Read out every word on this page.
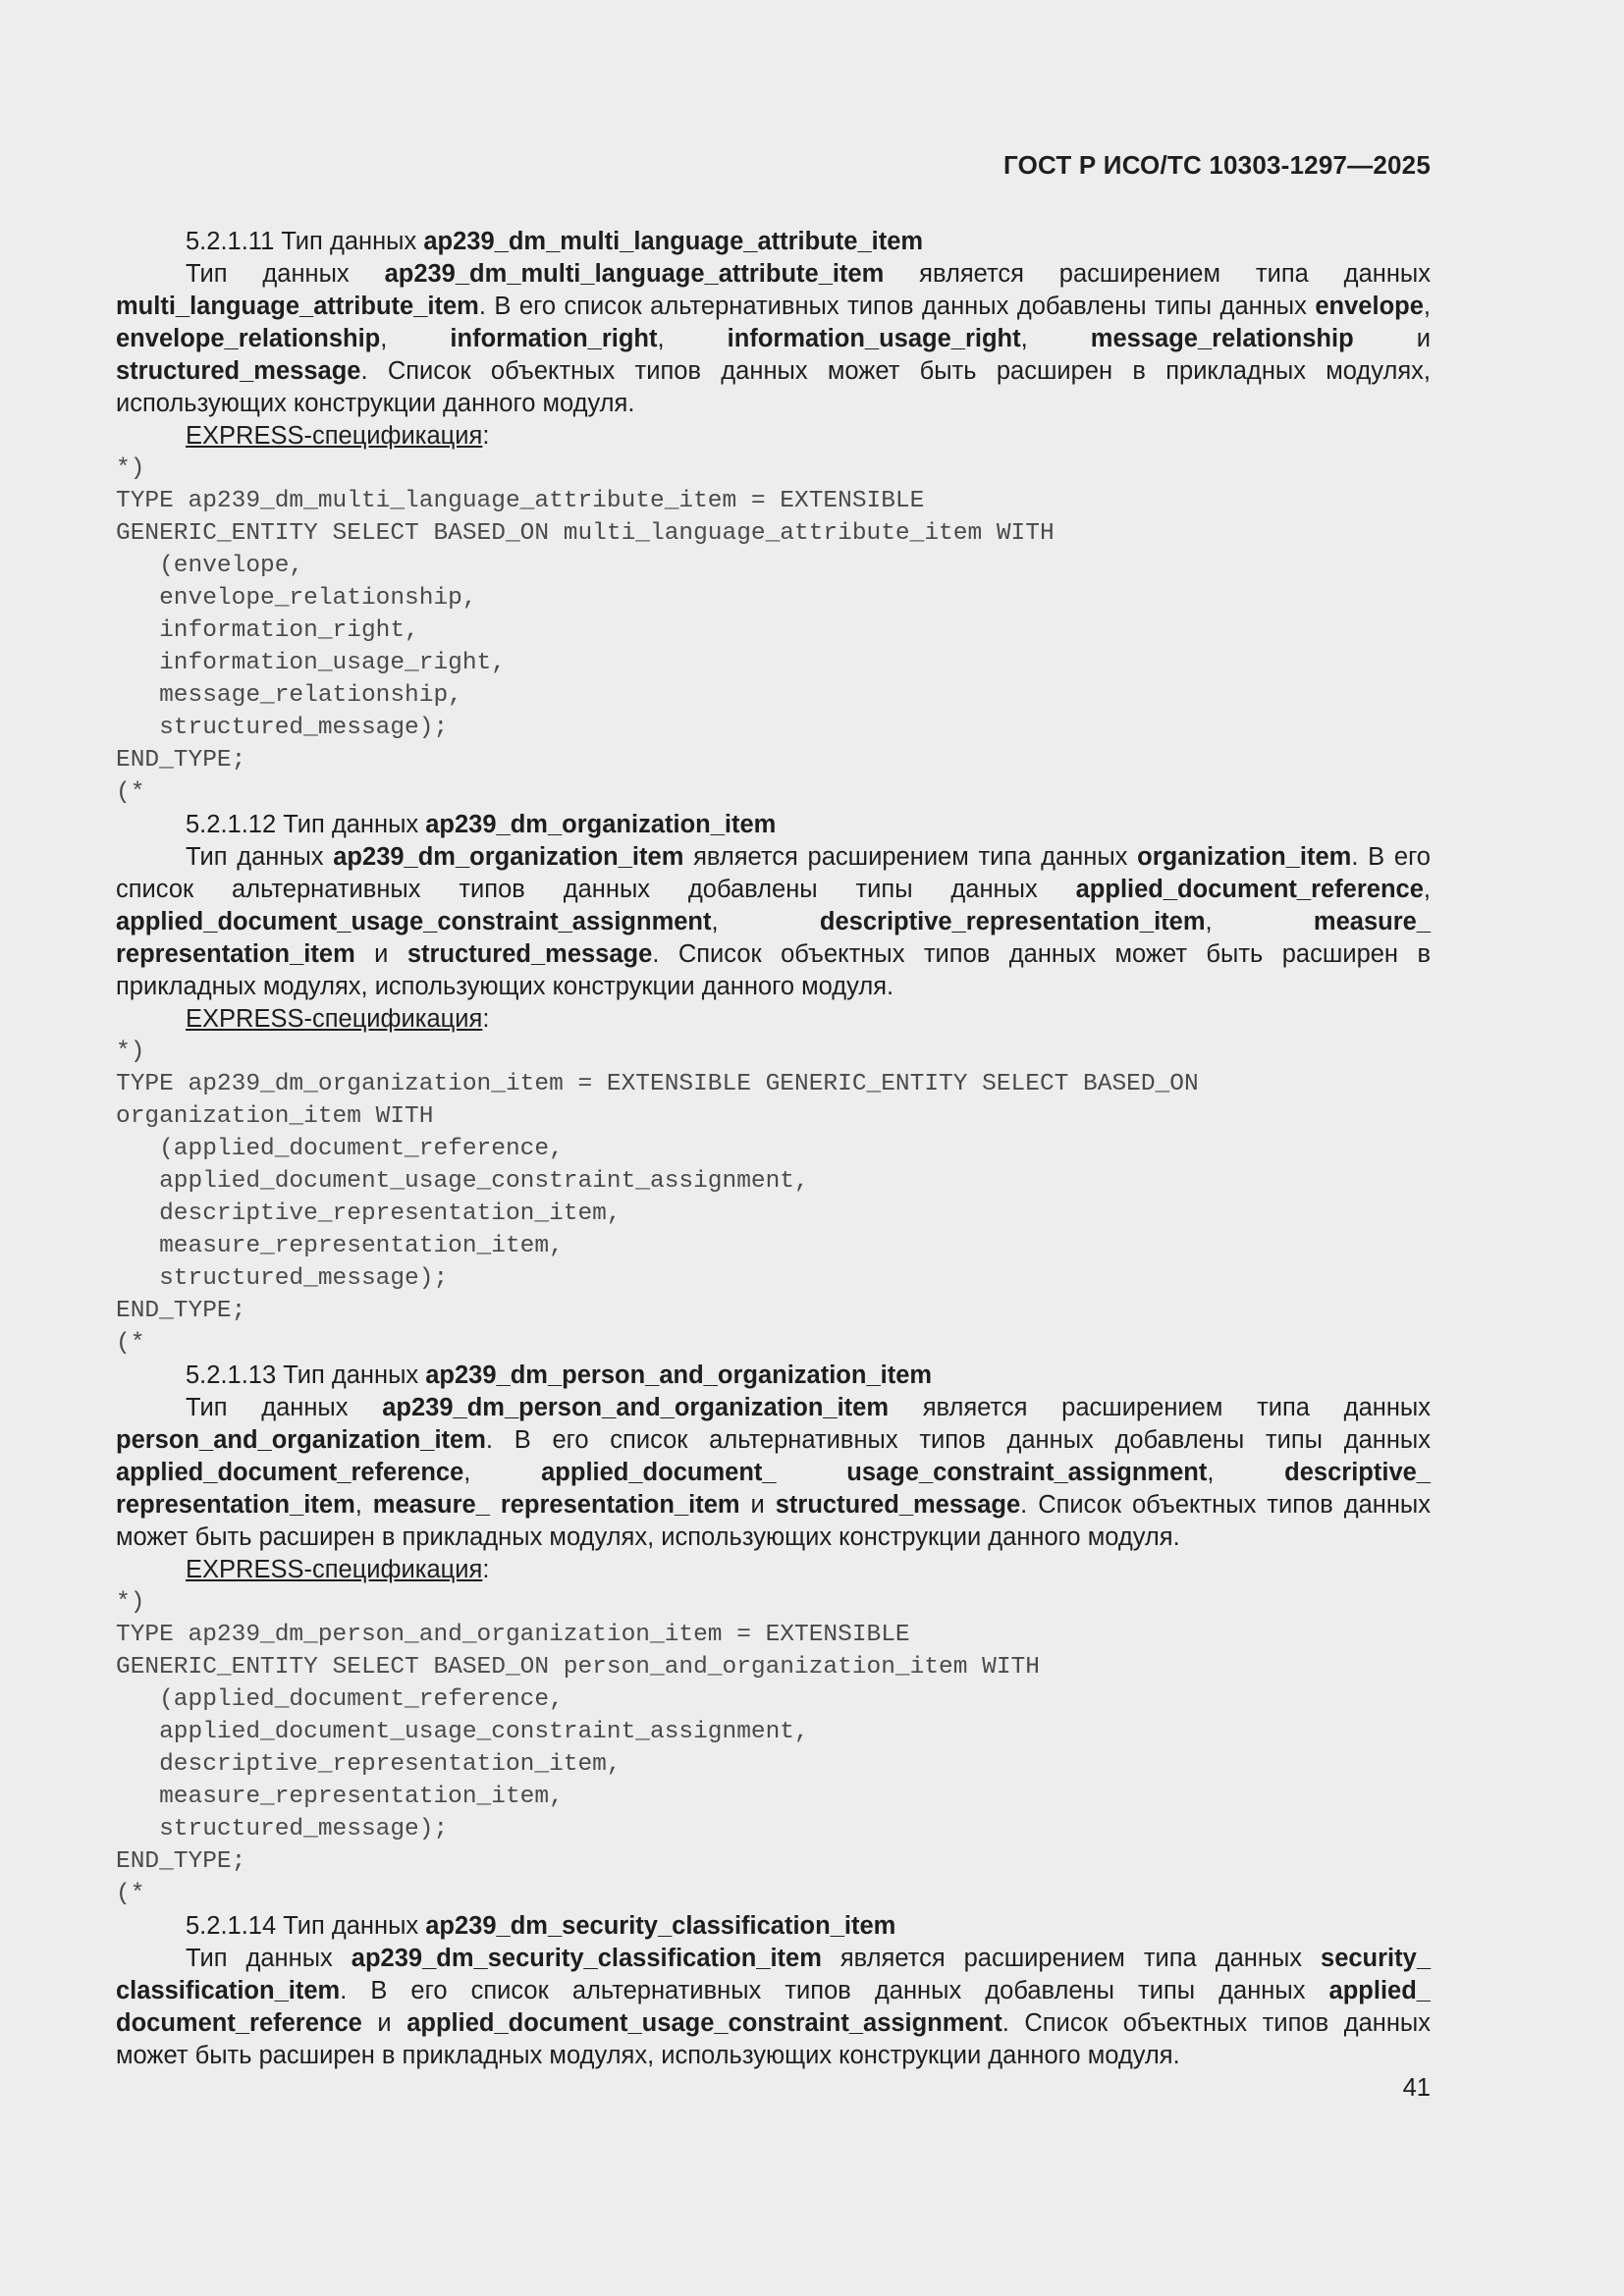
ГОСТ Р ИСО/ТС 10303-1297—2025

5.2.1.11 Тип данных ap239_dm_multi_language_attribute_item

Тип данных ap239_dm_multi_language_attribute_item является расширением типа данных multi_language_attribute_item. В его список альтернативных типов данных добавлены типы данных envelope, envelope_relationship, information_right, information_usage_right, message_relationship и structured_message. Список объектных типов данных может быть расширен в прикладных модулях, использующих конструкции данного модуля.

EXPRESS-спецификация:

*)
TYPE ap239_dm_multi_language_attribute_item = EXTENSIBLE
GENERIC_ENTITY SELECT BASED_ON multi_language_attribute_item WITH
(envelope,
envelope_relationship,
information_right,
information_usage_right,
message_relationship,
structured_message);
END_TYPE;
(*

5.2.1.12 Тип данных ap239_dm_organization_item

Тип данных ap239_dm_organization_item является расширением типа данных organization_item. В его список альтернативных типов данных добавлены типы данных applied_document_reference, applied_document_usage_constraint_assignment, descriptive_representation_item, measure_ representation_item и structured_message. Список объектных типов данных может быть расширен в прикладных модулях, использующих конструкции данного модуля.

EXPRESS-спецификация:

*)
TYPE ap239_dm_organization_item = EXTENSIBLE GENERIC_ENTITY SELECT BASED_ON
organization_item WITH
(applied_document_reference,
applied_document_usage_constraint_assignment,
descriptive_representation_item,
measure_representation_item,
structured_message);
END_TYPE;
(*

5.2.1.13 Тип данных ap239_dm_person_and_organization_item

Тип данных ap239_dm_person_and_organization_item является расширением типа данных person_and_organization_item. В его список альтернативных типов данных добавлены типы данных applied_document_reference, applied_document_ usage_constraint_assignment, descriptive_ representation_item, measure_ representation_item и structured_message. Список объектных типов данных может быть расширен в прикладных модулях, использующих конструкции данного модуля.

EXPRESS-спецификация:

*)
TYPE ap239_dm_person_and_organization_item = EXTENSIBLE
GENERIC_ENTITY SELECT BASED_ON person_and_organization_item WITH
(applied_document_reference,
applied_document_usage_constraint_assignment,
descriptive_representation_item,
measure_representation_item,
structured_message);
END_TYPE;
(*

5.2.1.14 Тип данных ap239_dm_security_classification_item

Тип данных ap239_dm_security_classification_item является расширением типа данных security_ classification_item. В его список альтернативных типов данных добавлены типы данных applied_ document_reference и applied_document_usage_constraint_assignment. Список объектных типов данных может быть расширен в прикладных модулях, использующих конструкции данного модуля.

41
